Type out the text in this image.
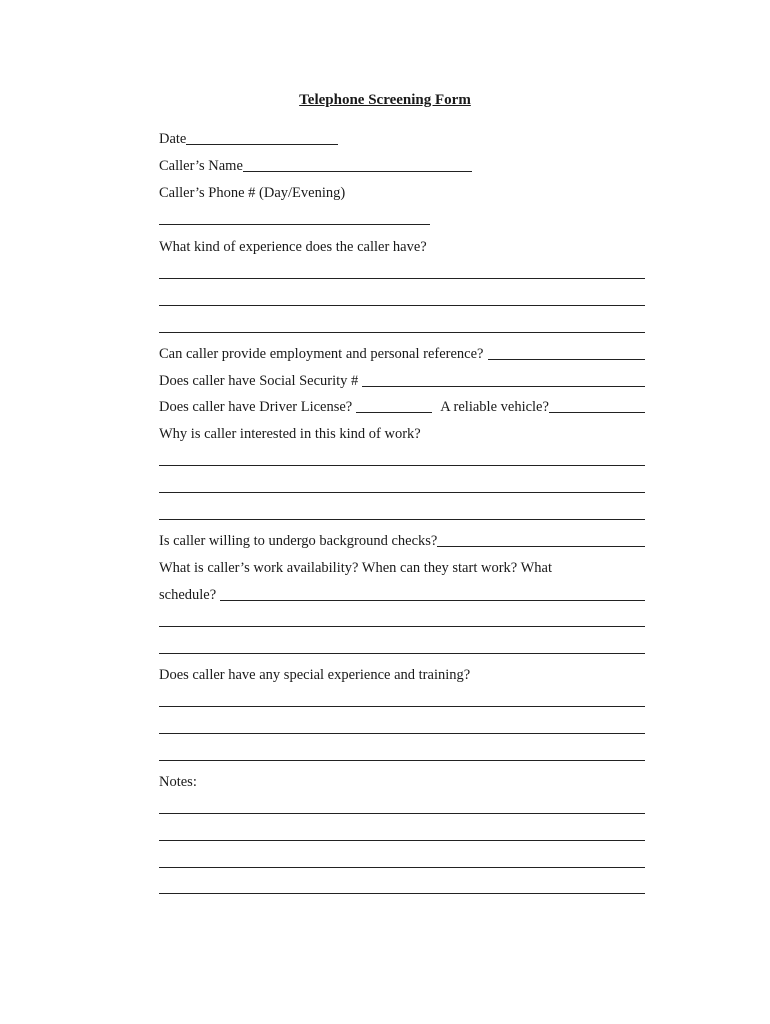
Telephone Screening Form
Date
Caller’s Name
Caller’s Phone # (Day/Evening)
What kind of experience does the caller have?
Can caller provide employment and personal reference?
Does caller have Social Security #
Does caller have Driver License?	A reliable vehicle?
Why is caller interested in this kind of work?
Is caller willing to undergo background checks?
What is caller’s work availability? When can they start work? What
schedule?
Does caller have any special experience and training?
Notes:
